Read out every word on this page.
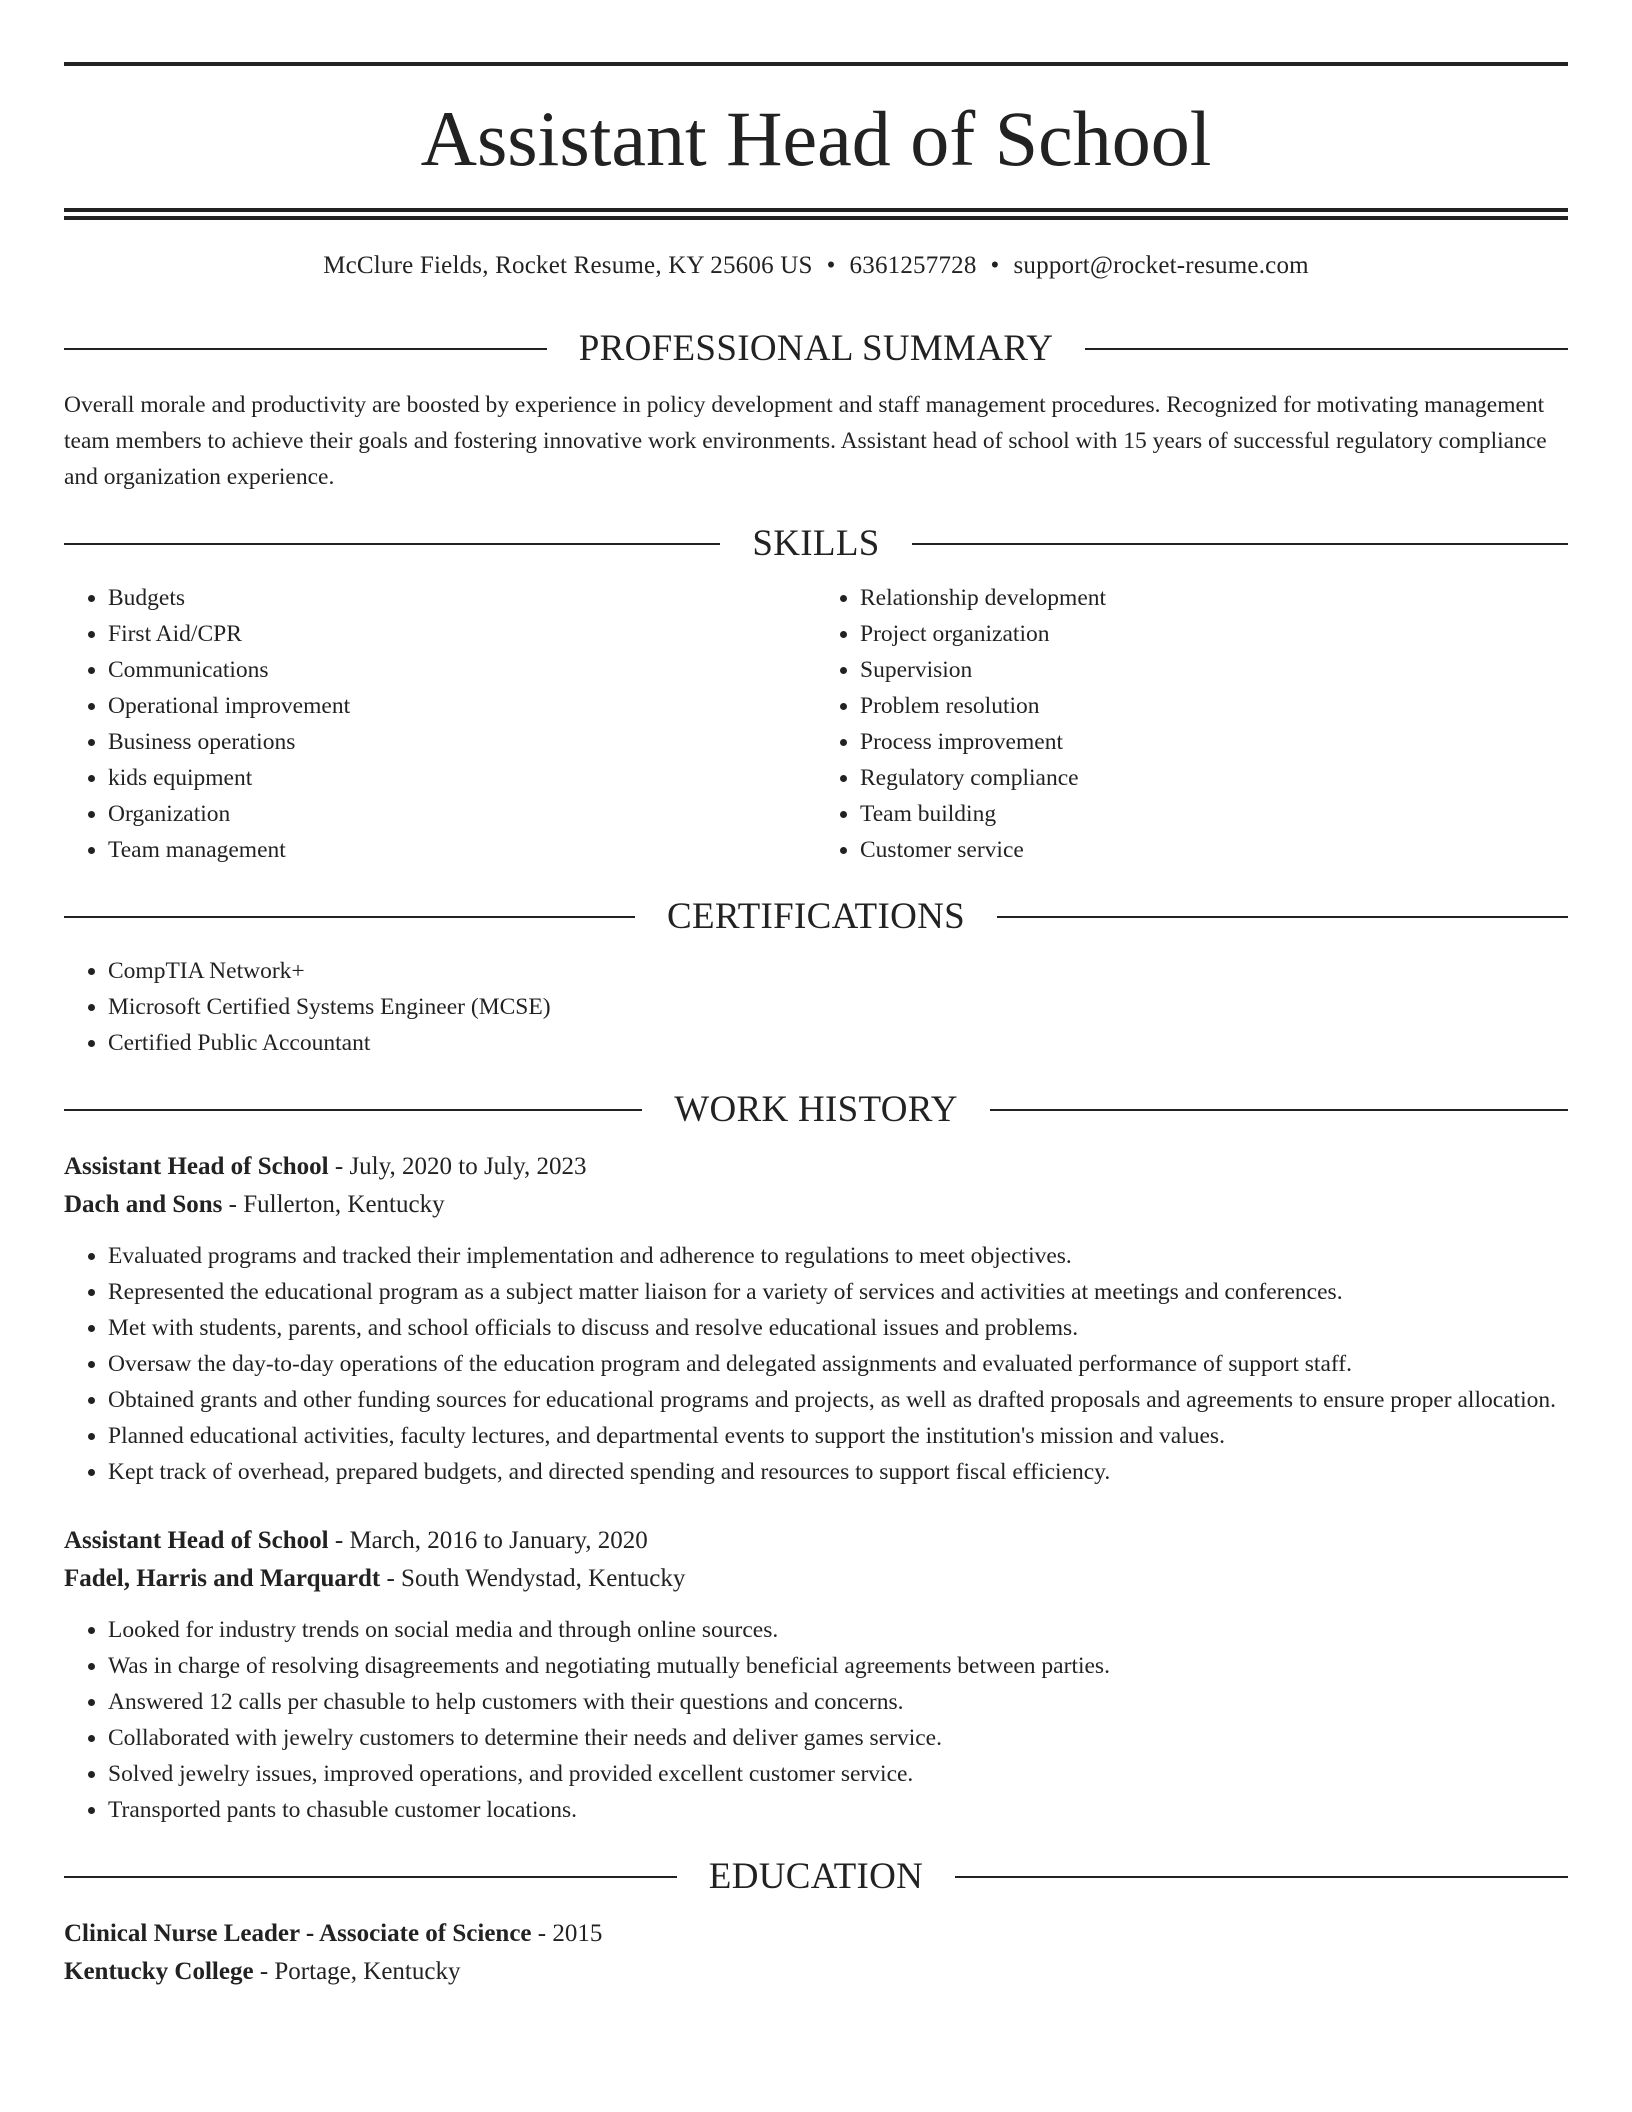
Assistant Head of School
McClure Fields, Rocket Resume, KY 25606 US • 6361257728 • support@rocket-resume.com
PROFESSIONAL SUMMARY

Overall morale and productivity are boosted by experience in policy development and staff management procedures. Recognized for motivating management team members to achieve their goals and fostering innovative work environments. Assistant head of school with 15 years of successful regulatory compliance and organization experience.

SKILLS
• Budgets
• First Aid/CPR
• Communications
• Operational improvement
• Business operations
• kids equipment
• Organization
• Team management
• Relationship development
• Project organization
• Supervision
• Problem resolution
• Process improvement
• Regulatory compliance
• Team building
• Customer service
CERTIFICATIONS
• CompTIA Network+
• Microsoft Certified Systems Engineer (MCSE)
• Certified Public Accountant
WORK HISTORY
Assistant Head of School - July, 2020 to July, 2023
Dach and Sons - Fullerton, Kentucky
• Evaluated programs and tracked their implementation and adherence to regulations to meet objectives.
• Represented the educational program as a subject matter liaison for a variety of services and activities at meetings and conferences.
• Met with students, parents, and school officials to discuss and resolve educational issues and problems.
• Oversaw the day-to-day operations of the education program and delegated assignments and evaluated performance of support staff.
• Obtained grants and other funding sources for educational programs and projects, as well as drafted proposals and agreements to ensure proper allocation.
• Planned educational activities, faculty lectures, and departmental events to support the institution's mission and values.
• Kept track of overhead, prepared budgets, and directed spending and resources to support fiscal efficiency.
Assistant Head of School - March, 2016 to January, 2020
Fadel, Harris and Marquardt - South Wendystad, Kentucky
• Looked for industry trends on social media and through online sources.
• Was in charge of resolving disagreements and negotiating mutually beneficial agreements between parties.
• Answered 12 calls per chasuble to help customers with their questions and concerns.
• Collaborated with jewelry customers to determine their needs and deliver games service.
• Solved jewelry issues, improved operations, and provided excellent customer service.
• Transported pants to chasuble customer locations.
EDUCATION
Clinical Nurse Leader - Associate of Science - 2015
Kentucky College - Portage, Kentucky
